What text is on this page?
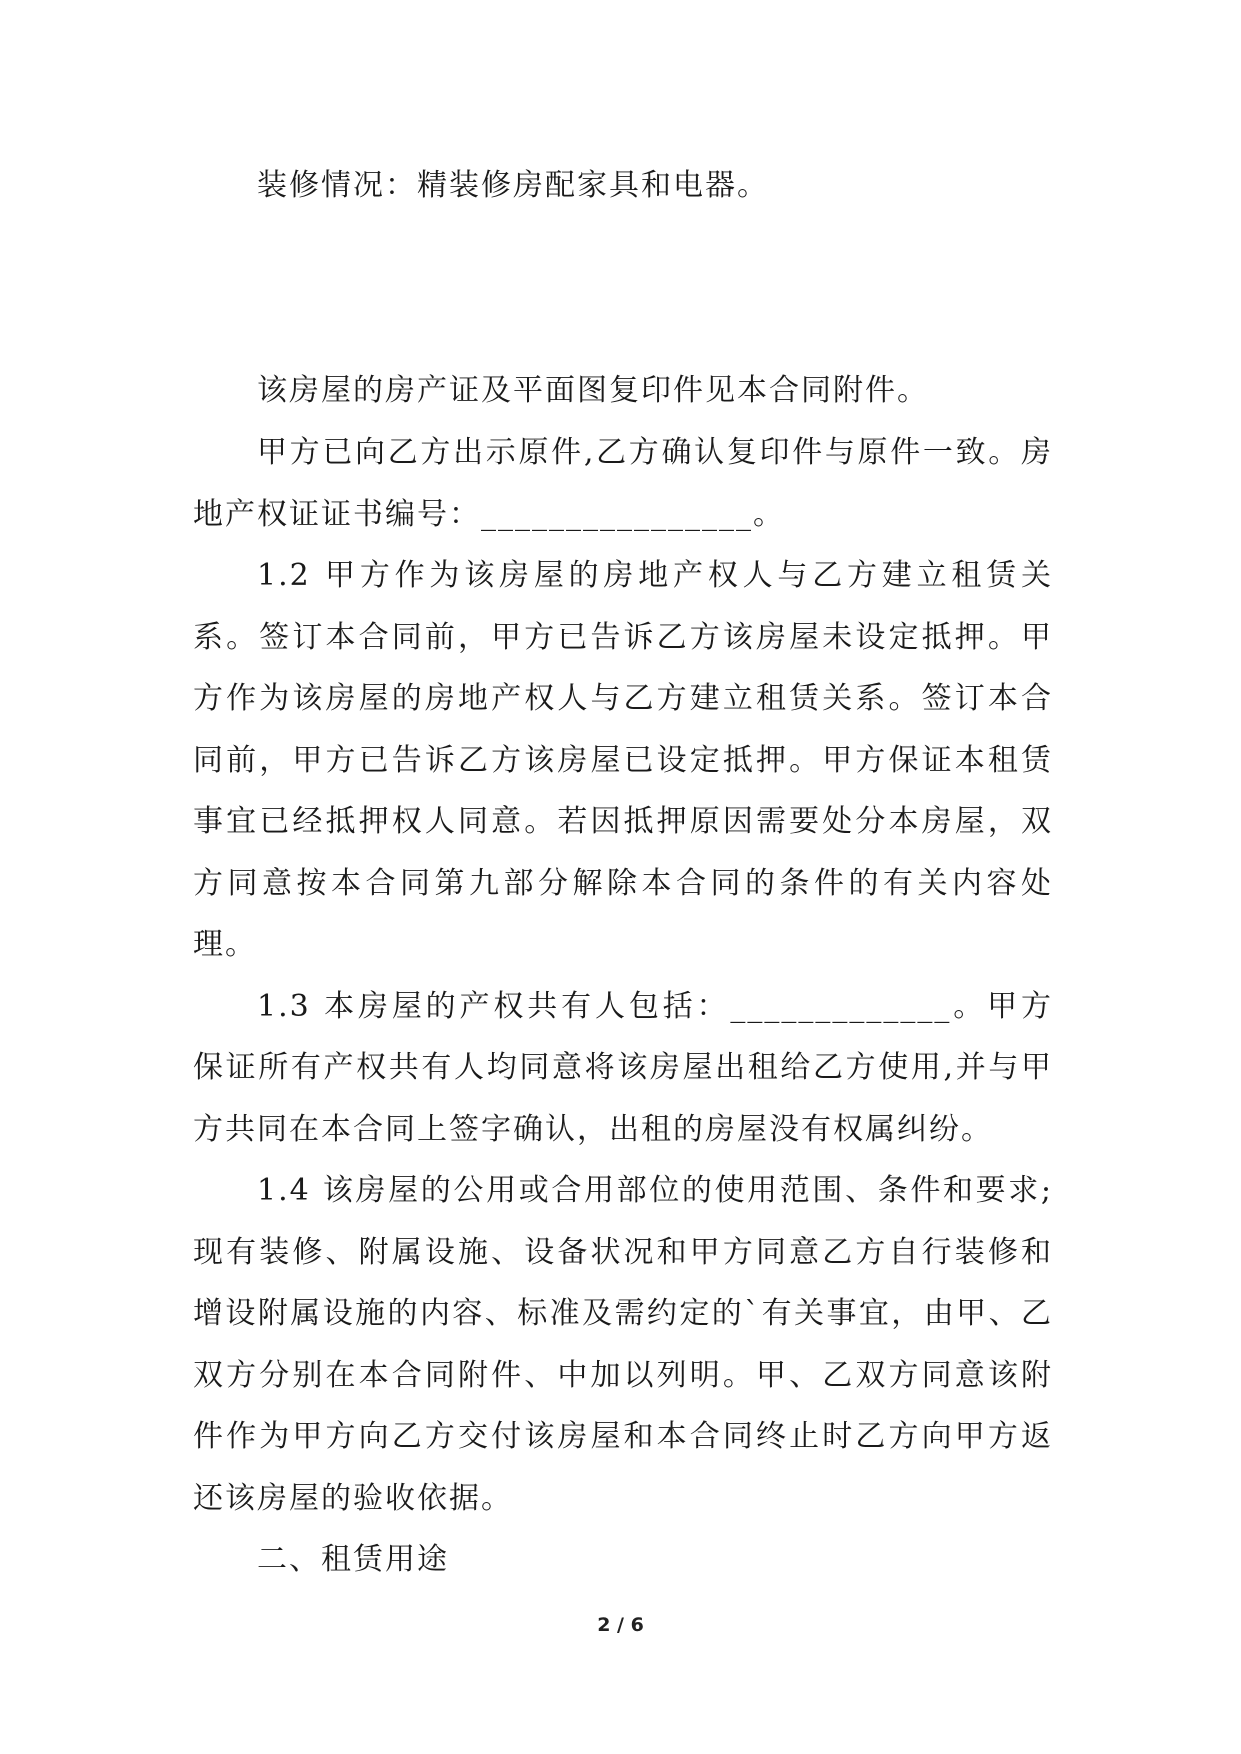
装修情况：精装修房配家具和电器。

该房屋的房产证及平面图复印件见本合同附件。

甲方已向乙方出示原件,乙方确认复印件与原件一致。房地产权证证书编号：________________。

1.2 甲方作为该房屋的房地产权人与乙方建立租赁关系。签订本合同前，甲方已告诉乙方该房屋未设定抵押。甲方作为该房屋的房地产权人与乙方建立租赁关系。签订本合同前，甲方已告诉乙方该房屋已设定抵押。甲方保证本租赁事宜已经抵押权人同意。若因抵押原因需要处分本房屋，双方同意按本合同第九部分解除本合同的条件的有关内容处理。

1.3 本房屋的产权共有人包括：_____________。甲方保证所有产权共有人均同意将该房屋出租给乙方使用,并与甲方共同在本合同上签字确认，出租的房屋没有权属纠纷。

1.4 该房屋的公用或合用部位的使用范围、条件和要求;现有装修、附属设施、设备状况和甲方同意乙方自行装修和增设附属设施的内容、标准及需约定的`有关事宜，由甲、乙双方分别在本合同附件、中加以列明。甲、乙双方同意该附件作为甲方向乙方交付该房屋和本合同终止时乙方向甲方返还该房屋的验收依据。

二、租赁用途

2 / 6
